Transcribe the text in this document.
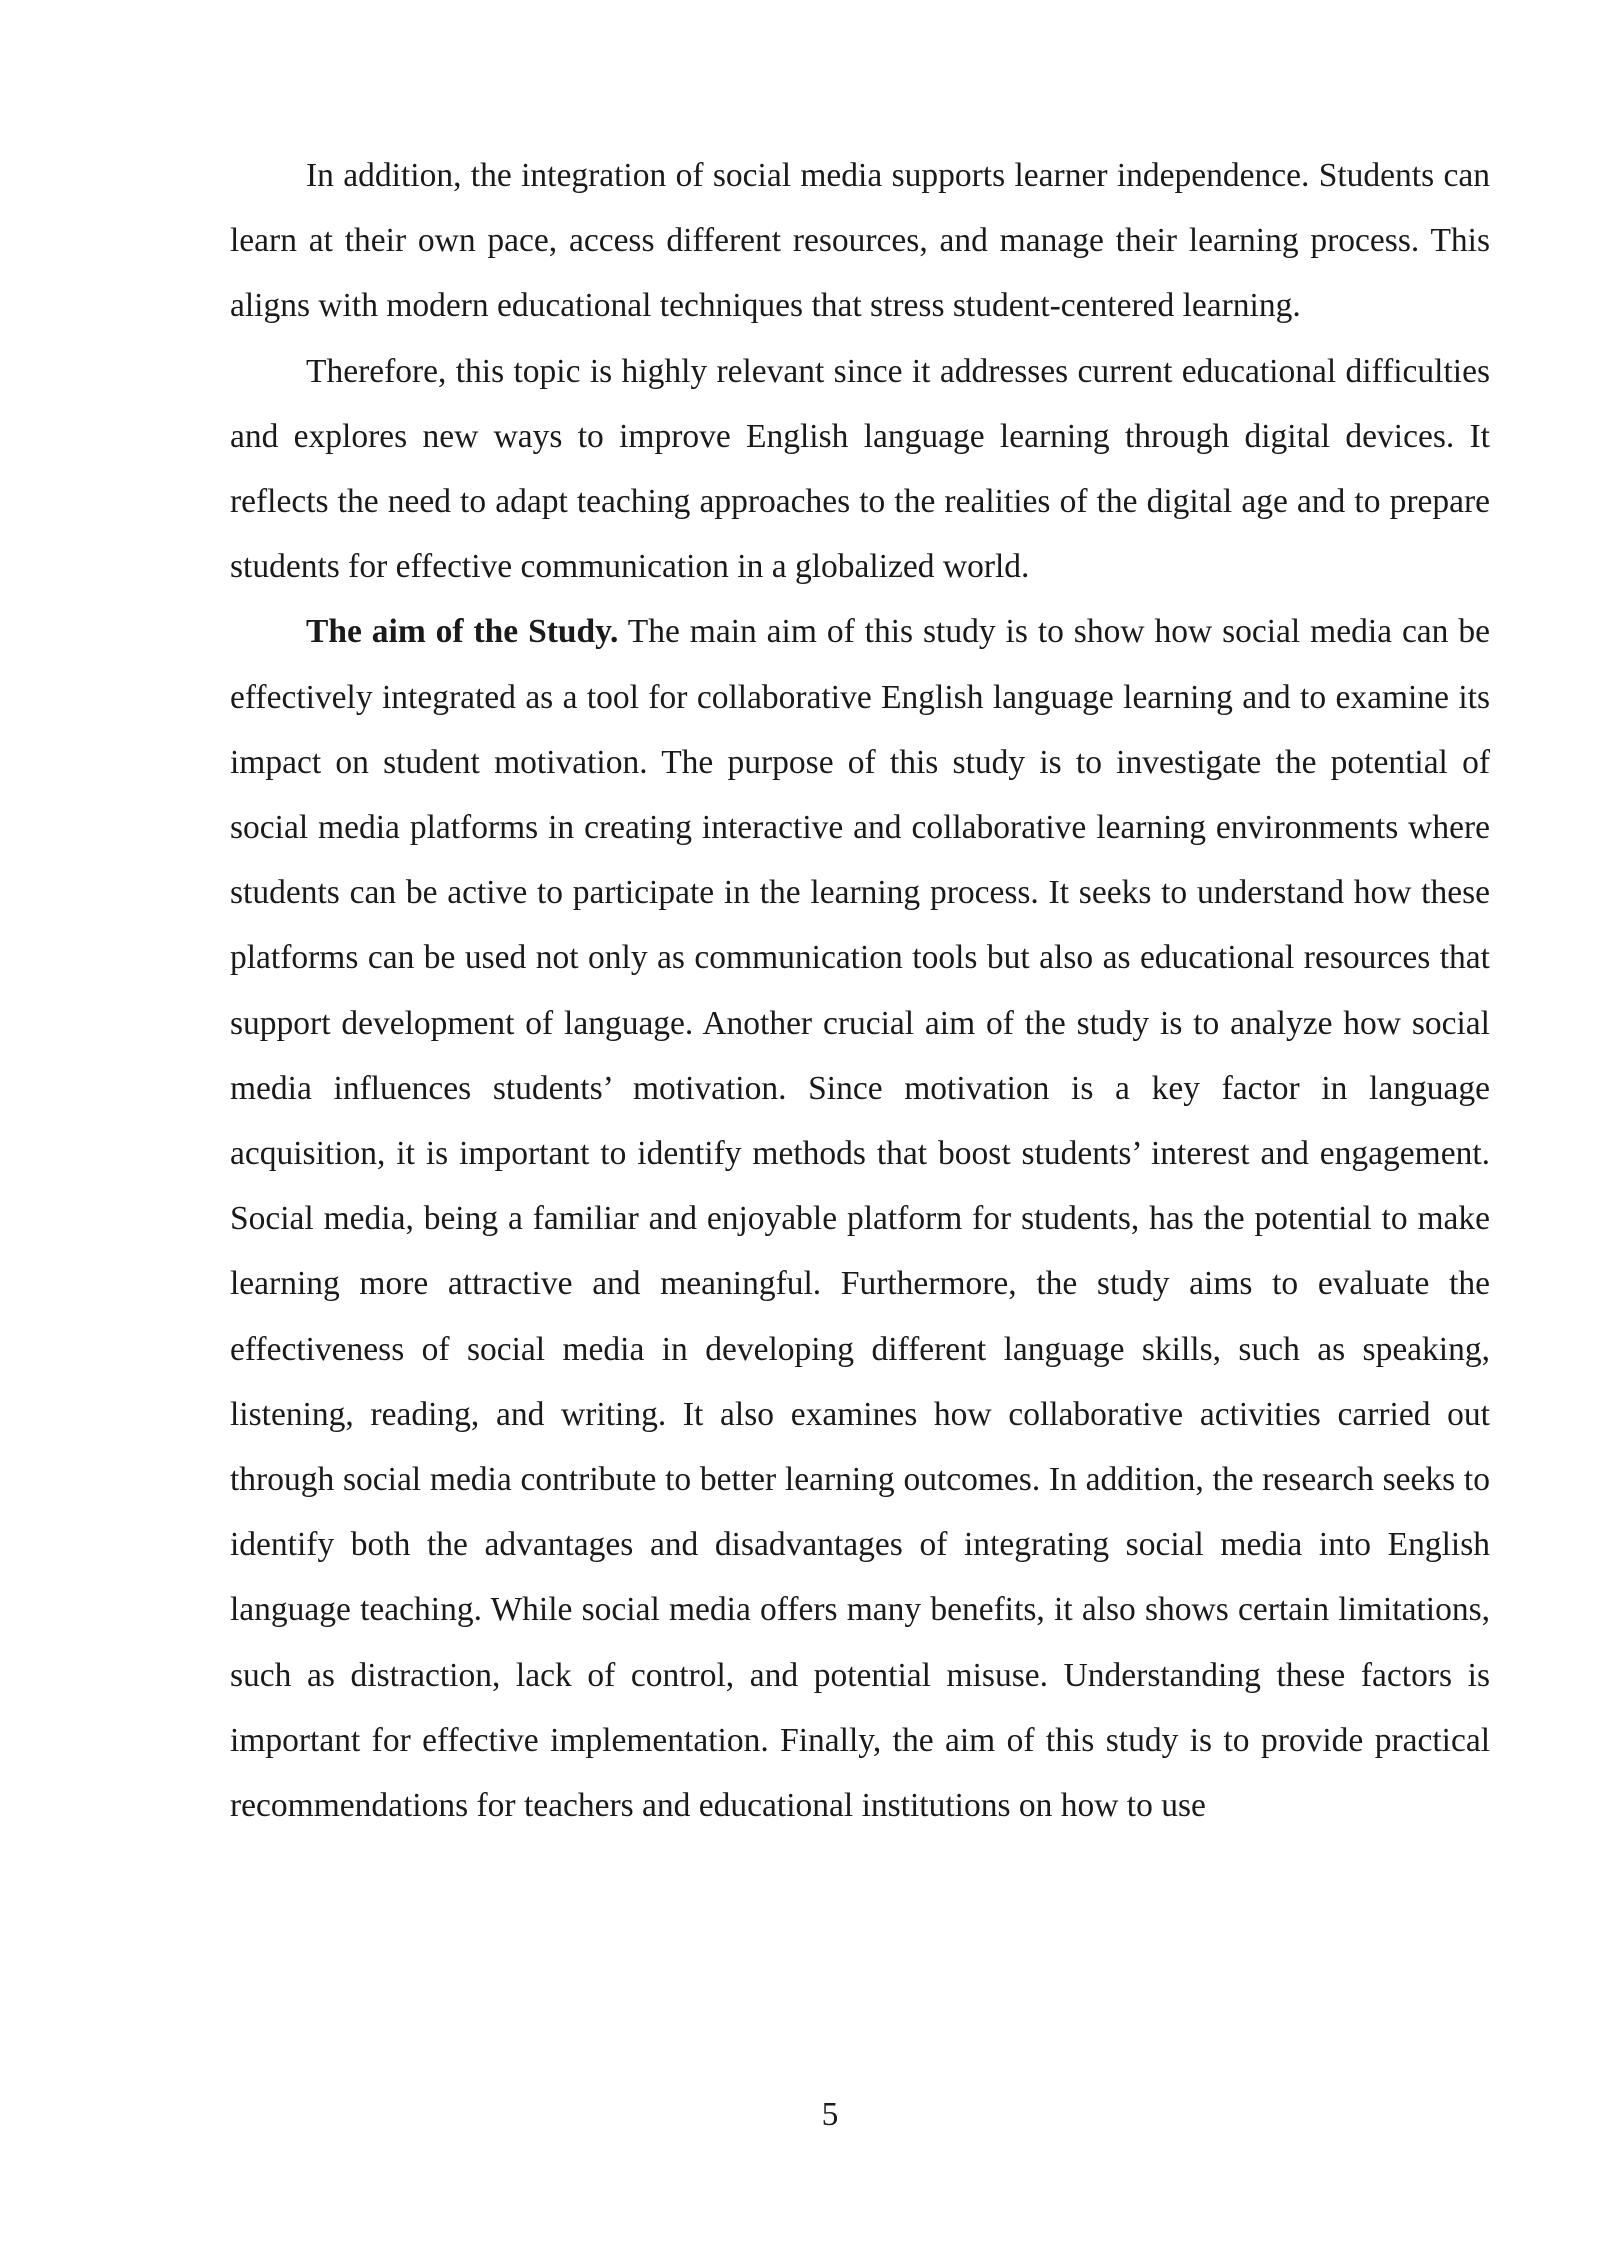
In addition, the integration of social media supports learner independence. Students can learn at their own pace, access different resources, and manage their learning process. This aligns with modern educational techniques that stress student-centered learning.

Therefore, this topic is highly relevant since it addresses current educational difficulties and explores new ways to improve English language learning through digital devices. It reflects the need to adapt teaching approaches to the realities of the digital age and to prepare students for effective communication in a globalized world.

The aim of the Study. The main aim of this study is to show how social media can be effectively integrated as a tool for collaborative English language learning and to examine its impact on student motivation. The purpose of this study is to investigate the potential of social media platforms in creating interactive and collaborative learning environments where students can be active to participate in the learning process. It seeks to understand how these platforms can be used not only as communication tools but also as educational resources that support development of language. Another crucial aim of the study is to analyze how social media influences students’ motivation. Since motivation is a key factor in language acquisition, it is important to identify methods that boost students’ interest and engagement. Social media, being a familiar and enjoyable platform for students, has the potential to make learning more attractive and meaningful. Furthermore, the study aims to evaluate the effectiveness of social media in developing different language skills, such as speaking, listening, reading, and writing. It also examines how collaborative activities carried out through social media contribute to better learning outcomes. In addition, the research seeks to identify both the advantages and disadvantages of integrating social media into English language teaching. While social media offers many benefits, it also shows certain limitations, such as distraction, lack of control, and potential misuse. Understanding these factors is important for effective implementation. Finally, the aim of this study is to provide practical recommendations for teachers and educational institutions on how to use

5
